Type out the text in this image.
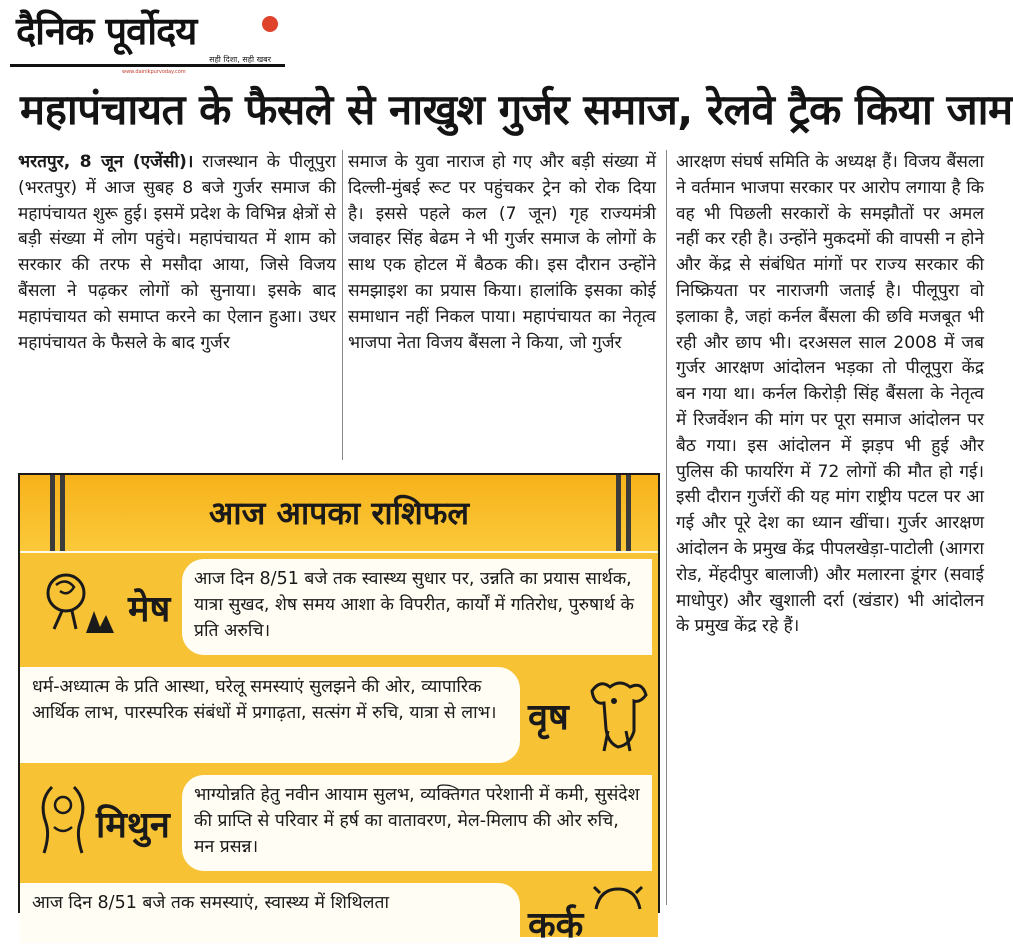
दैनिक पूर्वोदय
सही दिशा, सही खबर
www.dainikpurvoday.com
महापंचायत के फैसले से नाखुश गुर्जर समाज, रेलवे ट्रैक किया जाम
भरतपुर, 8 जून (एजेंसी)। राजस्थान के पीलूपुरा (भरतपुर) में आज सुबह 8 बजे गुर्जर समाज की महापंचायत शुरू हुई। इसमें प्रदेश के विभिन्न क्षेत्रों से बड़ी संख्या में लोग पहुंचे। महापंचायत में शाम को सरकार की तरफ से मसौदा आया, जिसे विजय बैंसला ने पढ़कर लोगों को सुनाया। इसके बाद महापंचायत को समाप्त करने का ऐलान हुआ। उधर महापंचायत के फैसले के बाद गुर्जर
समाज के युवा नाराज हो गए और बड़ी संख्या में दिल्ली-मुंबई रूट पर पहुंचकर ट्रेन को रोक दिया है। इससे पहले कल (7 जून) गृह राज्यमंत्री जवाहर सिंह बेढम ने भी गुर्जर समाज के लोगों के साथ एक होटल में बैठक की। इस दौरान उन्होंने समझाइश का प्रयास किया। हालांकि इसका कोई समाधान नहीं निकल पाया। महापंचायत का नेतृत्व भाजपा नेता विजय बैंसला ने किया, जो गुर्जर
आरक्षण संघर्ष समिति के अध्यक्ष हैं। विजय बैंसला ने वर्तमान भाजपा सरकार पर आरोप लगाया है कि वह भी पिछली सरकारों के समझौतों पर अमल नहीं कर रही है। उन्होंने मुकदमों की वापसी न होने और केंद्र से संबंधित मांगों पर राज्य सरकार की निष्क्रियता पर नाराजगी जताई है। पीलूपुरा वो इलाका है, जहां कर्नल बैंसला की छवि मजबूत भी रही और छाप भी। दरअसल साल 2008 में जब गुर्जर आरक्षण आंदोलन भड़का तो पीलूपुरा केंद्र बन गया था। कर्नल किरोड़ी सिंह बैंसला के नेतृत्व में रिजर्वेशन की मांग पर पूरा समाज आंदोलन पर बैठ गया। इस आंदोलन में झड़प भी हुई और पुलिस की फायरिंग में 72 लोगों की मौत हो गई। इसी दौरान गुर्जरों की यह मांग राष्ट्रीय पटल पर आ गई और पूरे देश का ध्यान खींचा। गुर्जर आरक्षण आंदोलन के प्रमुख केंद्र पीपलखेड़ा-पाटोली (आगरा रोड, मेंहदीपुर बालाजी) और मलारना डूंगर (सवाई माधोपुर) और खुशाली दर्रा (खंडार) भी आंदोलन के प्रमुख केंद्र रहे हैं।
आज आपका राशिफल
मेष
आज दिन 8/51 बजे तक स्वास्थ्य सुधार पर, उन्नति का प्रयास सार्थक, यात्रा सुखद, शेष समय आशा के विपरीत, कार्यों में गतिरोध, पुरुषार्थ के प्रति अरुचि।
धर्म-अध्यात्म के प्रति आस्था, घरेलू समस्याएं सुलझने की ओर, व्यापारिक आर्थिक लाभ, पारस्परिक संबंधों में प्रगाढ़ता, सत्संग में रुचि, यात्रा से लाभ। वृष
मिथुन
भाग्योन्नति हेतु नवीन आयाम सुलभ, व्यक्तिगत परेशानी में कमी, सुसंदेश की प्राप्ति से परिवार में हर्ष का वातावरण, मेल-मिलाप की ओर रुचि, मन प्रसन्न।
आज दिन 8/51 बजे तक समस्याएं, स्वास्थ्य में शिथिलता
कर्क
